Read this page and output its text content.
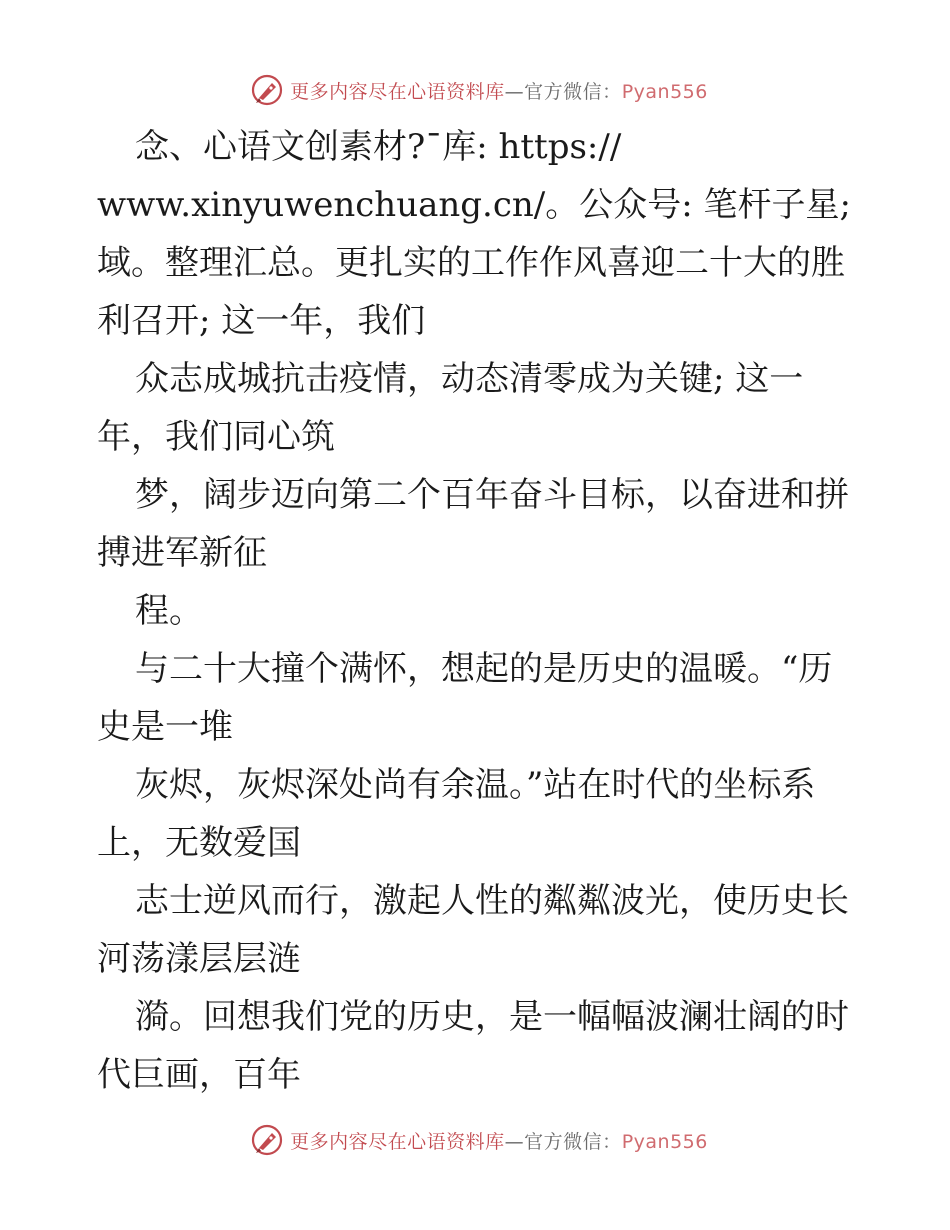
更多内容尽在心语资料库—官方微信：Pyan556
念、心语文创素材?¯库: https://
www.xinyuwenchuang.cn/。公众号: 笔杆子星;
域。整理汇总。更扎实的工作作风喜迎二十大的胜
利召开; 这一年，我们
众志成城抗击疫情，动态清零成为关键; 这一
年，我们同心筑
梦，阔步迈向第二个百年奋斗目标，以奋进和拼
搏进军新征
程。
与二十大撞个满怀，想起的是历史的温暖。“历
史是一堆
灰烬，灰烬深处尚有余温。”站在时代的坐标系
上，无数爱国
志士逆风而行，激起人性的粼粼波光，使历史长
河荡漾层层涟
漪。回想我们党的历史，是一幅幅波澜壮阔的时
代巨画，百年
更多内容尽在心语资料库—官方微信：Pyan556
